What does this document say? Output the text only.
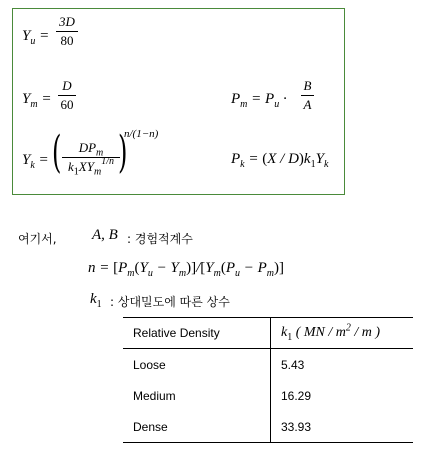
$Y_u$ =
3D
80
$Y_m$ =
D
60
$Y_k$ = (	$DP_m$
$k_1XY_m^{1/n}$ )
n/(1−n)
$P_m = P_u$ ·
B
A
$P_k = (X / D)k_1Y_k$
여기서, A, B : 경험적계수
$n = [P_m(Y_u - Y_m)]/[Y_m(P_u - P_m)]$
$k_1$ : 상대밀도에 따른 상수
Relative Density	$k_1$ ( MN / $m^2$ / m )
Loose	5.43
Medium	16.29
Dense	33.93
